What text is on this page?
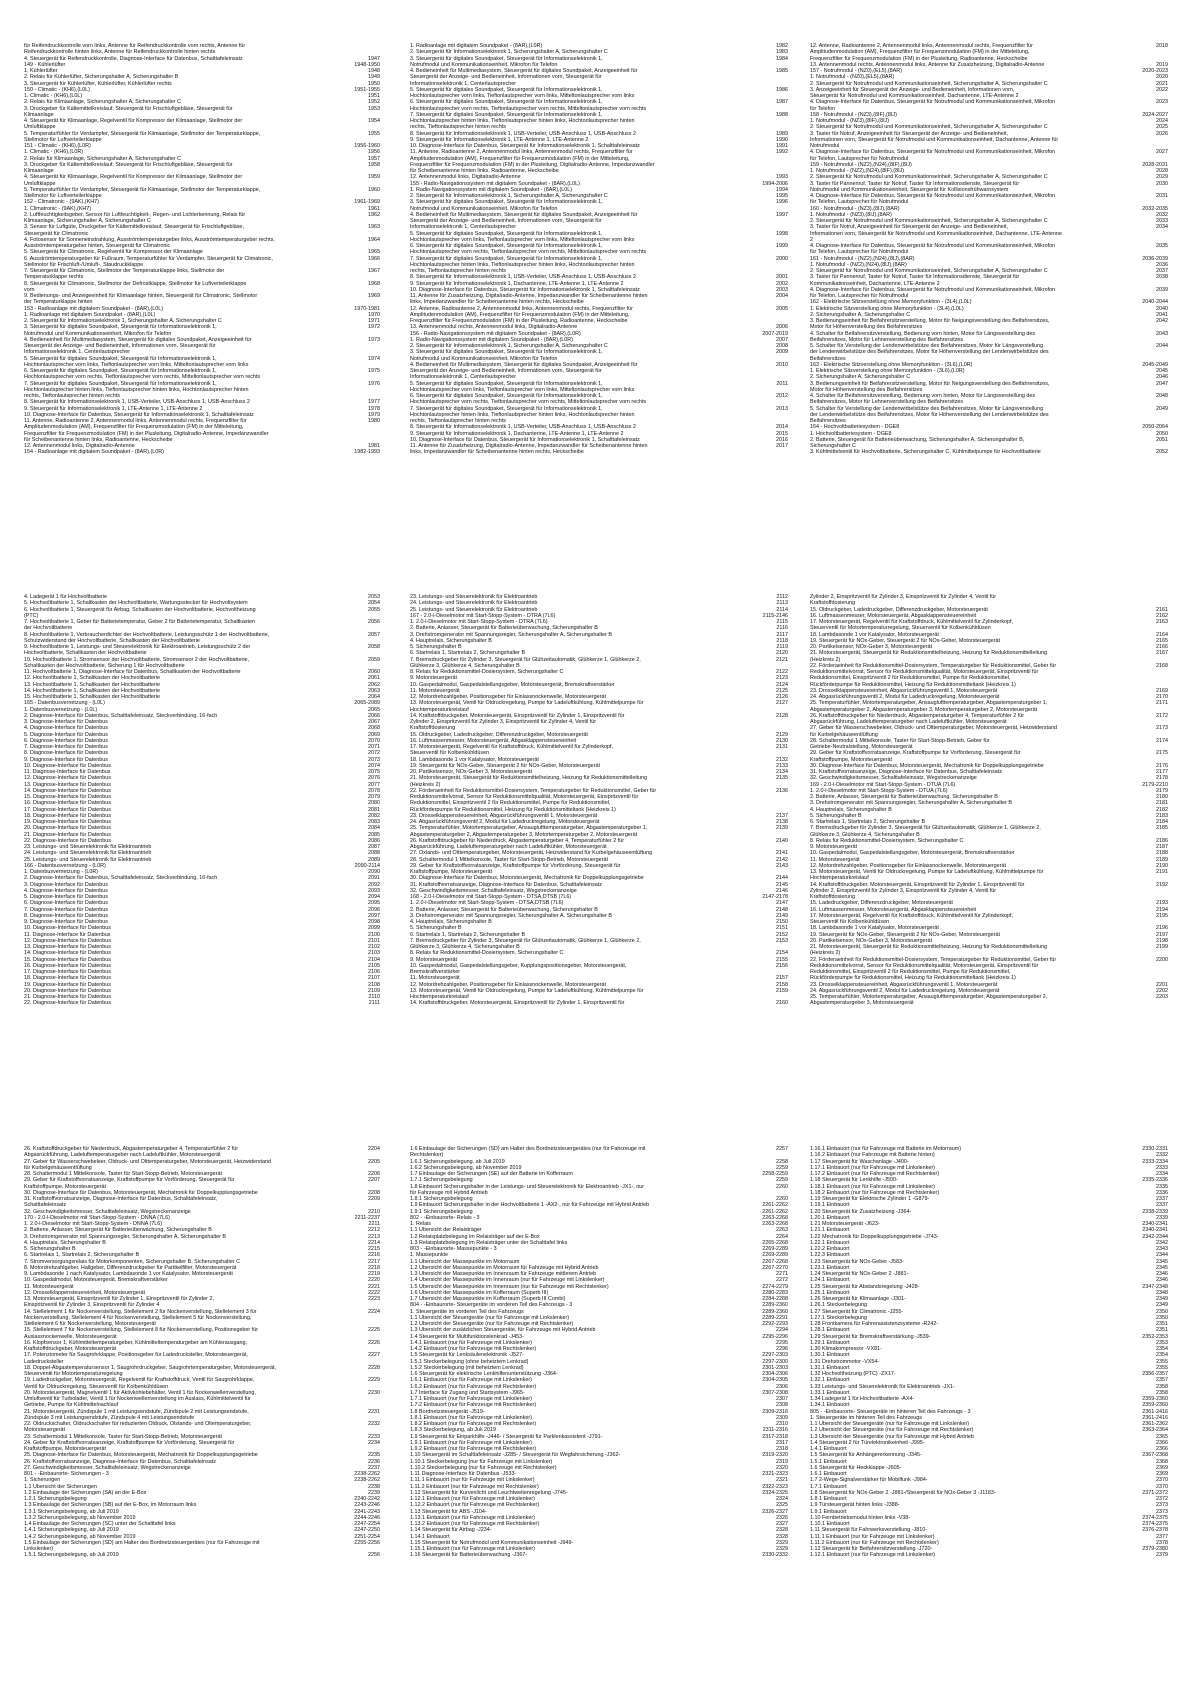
für Reifendruckkontrolle vorn links, Antenne für Reifendruckkontrolle vorn rechts, Antenne für
Reifendruckkontrolle hinten links, Antenne für Reifendruckkontrolle hinten rechts
4. Steuergerät für Reifendruckkontrolle, Diagnose-Interface für Datenbus, Schalttafeleinsatz	1947
149 - Kühlerlüfter	1948-1950
1. Kühlerlüfter	1948
2. Relais für Kühlerlüfter, Sicherungshalter A, Sicherungshalter B	1949
3. Steuergerät für Kühlerlüfter, Kühlerlüfter, Kühlerlüfter rechts	1950
150 - Climatic - (KH6),(L0L)	1951-1955
1. Climatic - (KH6),(L0L)	1951
2. Relais für Klimaanlage, Sicherungshalter A, Sicherungshalter C	1952
3. Druckgeber für Kältemittelkreislauf, Steuergerät für Frischluftgebläse, Steuergerät für	1953
Klimaanlage
4. Steuergerät für Klimaanlage, Regelventil für Kompressor der Klimaanlage, Stellmotor der	1954
Umluftklappe
5. Temperaturfühler für Verdampfer, Steuergerät für Klimaanlage, Stellmotor der Temperaturklappe,	1955
Stellmotor für Luftverteilerklappe
151 - Climatic - (KH6),(L0R)	1956-1960
1. Climatic - (KH6),(L0R)	1956
2. Relais für Klimaanlage, Sicherungshalter A, Sicherungshalter C	1957
3. Druckgeber für Kältemittelkreislauf, Steuergerät für Frischluftgebläse, Steuergerät für	1958
Klimaanlage
4. Steuergerät für Klimaanlage, Regelventil für Kompressor der Klimaanlage, Stellmotor der	1959
Umluftklappe
5. Temperaturfühler für Verdampfer, Steuergerät für Klimaanlage, Stellmotor der Temperaturklappe,	1960
Stellmotor für Luftverteilerklappe
152 - Climatronic - (9AK),(KH7)	1961-1969
1. Climatronic - (9AK),(KH7)	1961
2. Luftfeuchtigkeitsgeber, Sensor für Luftfeuchtigkeit-, Regen- und Lichterkennung, Relais für	1962
Klimaanlage, Sicherungshalter A, Sicherungshalter C
3. Sensor für Luftgüte, Druckgeber für Kältemittelkreislauf, Steuergerät für Frischluftgebläse,	1963
Steuergerät für Climatronic
4. Fotosensor für Sonneneinstrahlung, Ausströmtemperaturgeber links, Ausströmtemperaturgeber rechts,	1964
Ausströmtemperaturgeber hinten, Steuergerät für Climatronic
5. Steuergerät für Climatronic, Regelventil für Kompressor der Klimaanlage	1965
6. Ausströmtemperaturgeber für Fußraum, Temperaturfühler für Verdampfer, Steuergerät für Climatronic,	1966
Stellmotor für Frischluft-/Umluft-, Staudruckklappe
7. Steuergerät für Climatronic, Stellmotor der Temperaturklappe links, Stellmotor der	1967
Temperaturklappe rechts
8. Steuergerät für Climatronic, Stellmotor der Defrostklappe, Stellmotor für Luftverteilerklappe	1968
vorn
9. Bedienungs- und Anzeigeeinheit für Klimaanlage hinten, Steuergerät für Climatronic, Stellmotor	1969
der Temperaturklappe hinten
153 - Radioanlage mit digitalem Soundpaket - (8AR),(L0L)	1970-1981
1. Radioanlage mit digitalem Soundpaket - (8AR),(L0L)	1970
2. Steuergerät für Informationselektronik 1, Sicherungshalter A, Sicherungshalter C	1971
3. Steuergerät für digitales Soundpaket, Steuergerät für Informationselektronik 1,	1972
Notrufmodul und Kommunikationseinheit, Mikrofon für Telefon
4. Bedieneinheit für Multimediasystem, Steuergerät für digitales Soundpaket, Anzeigeeinheit für	1973
Steuergerät der Anzeige- und Bedieneinheit, Informationen vorn, Steuergerät für
Informationselektronik 1, Centerlautsprecher
5. Steuergerät für digitales Soundpaket, Steuergerät für Informationselektronik 1,	1974
Hochtonlautsprecher vorn links, Tieftonlautsprecher vorn links, Mitteltonlautsprecher vorn links
6. Steuergerät für digitales Soundpaket, Steuergerät für Informationselektronik 1,	1975
Hochtonlautsprecher vorn rechts, Tieftonlautsprecher vorn rechts, Mitteltonlautsprecher vorn rechts
7. Steuergerät für digitales Soundpaket, Steuergerät für Informationselektronik 1,	1976
Hochtonlautsprecher hinten links, Tieftonlautsprecher hinten links, Hochtonlautsprecher hinten
rechts, Tieftonlautsprecher hinten rechts
8. Steuergerät für Informationselektronik 1, USB-Verteiler, USB-Anschluss 1, USB-Anschluss 2	1977
9. Steuergerät für Informationselektronik 1, LTE-Antenne 1, LTE-Antenne 2	1978
10. Diagnose-Interface für Datenbus, Steuergerät für Informationselektronik 1, Schalttafeleinsatz	1979
11. Antenne, Radioantenne 2, Antennenmodul links, Antennenmodul rechts, Frequenzfilter für	1980
Amplitudenmodulation (AM), Frequenzfilter für Frequenzmodulation (FM) in der Mitteleitung,
Frequenzfilter für Frequenzmodulation (FM) in der Plusleitung, Digitalradio-Antenne, Impedanzwandler
für Scheibenantenne hinten links, Radioantenne, Heckscheibe
12. Antennenmodul links, Digitalradio-Antenne	1981
154 - Radioanlage mit digitalem Soundpaket - (8AR),(L0R)	1982-1993
1. Radioanlage mit digitalem Soundpaket - (8AR),(L0R)	1982
2. Steuergerät für Informationselektronik 1, Sicherungshalter A, Sicherungshalter C	1983
3. Steuergerät für digitales Soundpaket, Steuergerät für Informationselektronik 1,	1984
Notrufmodul und Kommunikationseinheit, Mikrofon für Telefon
4. Bedieneinheit für Multimediasystem, Steuergerät für digitales Soundpaket, Anzeigeeinheit für	1985
Steuergerät der Anzeige- und Bedieneinheit, Informationen vorn, Steuergerät für
Informationselektronik 1, Centerlautsprecher
5. Steuergerät für digitales Soundpaket, Steuergerät für Informationselektronik 1,	1986
Hochtonlautsprecher vorn links, Tieftonlautsprecher vorn links, Mitteltonlautsprecher vorn links
6. Steuergerät für digitales Soundpaket, Steuergerät für Informationselektronik 1,	1987
Hochtonlautsprecher vorn rechts, Tieftonlautsprecher vorn rechts, Mitteltonlautsprecher vorn rechts
7. Steuergerät für digitales Soundpaket, Steuergerät für Informationselektronik 1,	1988
Hochtonlautsprecher hinten links, Tieftonlautsprecher hinten links, Hochtonlautsprecher hinten
rechts, Tieftonlautsprecher hinten rechts
8. Steuergerät für Informationselektronik 1, USB-Verteiler, USB-Anschluss 1, USB-Anschluss 2	1989
9. Steuergerät für Informationselektronik 1, LTE-Antenne 1, LTE-Antenne 2	1990
10. Diagnose-Interface für Datenbus, Steuergerät für Informationselektronik 1, Schalttafeleinsatz	1991
11. Antenne, Radioantenne 2, Antennenmodul links, Antennenmodul rechts, Frequenzfilter für	1992
Amplitudenmodulation (AM), Frequenzfilter für Frequenzmodulation (FM) in der Mitteleitung,
Frequenzfilter für Frequenzmodulation (FM) in der Plusleitung, Digitalradio-Antenne, Impedanzwandler
für Scheibenantenne hinten links, Radioantenne, Heckscheibe
12. Antennenmodul links, Digitalradio-Antenne	1993
155 - Radio-Navigationssystem mit digitalem Soundpaket - (8AR),(L0L)	1994-2006
1. Radio-Navigationssystem mit digitalem Soundpaket - (8AR),(L0L)	1994
2. Steuergerät für Informationselektronik 1, Sicherungshalter A, Sicherungshalter C	1995
3. Steuergerät für digitales Soundpaket, Steuergerät für Informationselektronik 1,	1996
Notrufmodul und Kommunikationseinheit, Mikrofon für Telefon
4. Bedieneinheit für Multimediasystem, Steuergerät für digitales Soundpaket, Anzeigeeinheit für	1997
Steuergerät der Anzeige- und Bedieneinheit, Informationen vorn, Steuergerät für
Informationselektronik 1, Centerlautsprecher
5. Steuergerät für digitales Soundpaket, Steuergerät für Informationselektronik 1,	1998
Hochtonlautsprecher vorn links, Tieftonlautsprecher vorn links, Mitteltonlautsprecher vorn links
6. Steuergerät für digitales Soundpaket, Steuergerät für Informationselektronik 1,	1999
Hochtonlautsprecher vorn rechts, Tieftonlautsprecher vorn rechts, Mitteltonlautsprecher vorn rechts
7. Steuergerät für digitales Soundpaket, Steuergerät für Informationselektronik 1,	2000
Hochtonlautsprecher hinten links, Tieftonlautsprecher hinten links, Hochtonlautsprecher hinten
rechts, Tieftonlautsprecher hinten rechts
8. Steuergerät für Informationselektronik 1, USB-Verteiler, USB-Anschluss 1, USB-Anschluss 2	2001
9. Steuergerät für Informationselektronik 1, Dachantenne, LTE-Antenne 1, LTE-Antenne 2	2002
10. Diagnose-Interface für Datenbus, Steuergerät für Informationselektronik 1, Schalttafeleinsatz	2003
11. Antenne für Zusatzheizung, Digitalradio-Antenne, Impedanzwandler für Scheibenantenne hinten	2004
links, Impedanzwandler für Scheibenantenne hinten rechts, Heckscheibe
12. Antenne, Radioantenne 2, Antennenmodul links, Antennenmodul rechts, Frequenzfilter für	2005
Amplitudenmodulation (AM), Frequenzfilter für Frequenzmodulation (FM) in der Mitteleitung,
Frequenzfilter für Frequenzmodulation (FM) in der Plusleitung, Radioantenne, Heckscheibe
13. Antennenmodul rechts, Antennenmodul links, Digitalradio-Antenne	2006
156 - Radio-Navigationssystem mit digitalem Soundpaket - (8AR),(L0R)	2007-2019
1. Radio-Navigationssystem mit digitalem Soundpaket - (8AR),(L0R)	2007
2. Steuergerät für Informationselektronik 1, Sicherungshalter A, Sicherungshalter C	2008
3. Steuergerät für digitales Soundpaket, Steuergerät für Informationselektronik 1,	2009
Notrufmodul und Kommunikationseinheit, Mikrofon für Telefon
4. Bedieneinheit für Multimediasystem, Steuergerät für digitales Soundpaket, Anzeigeeinheit für	2010
Steuergerät der Anzeige- und Bedieneinheit, Informationen vorn, Steuergerät für
Informationselektronik 1, Centerlautsprecher
5. Steuergerät für digitales Soundpaket, Steuergerät für Informationselektronik 1,	2011
Hochtonlautsprecher vorn links, Tieftonlautsprecher vorn links, Mitteltonlautsprecher vorn links
6. Steuergerät für digitales Soundpaket, Steuergerät für Informationselektronik 1,	2012
Hochtonlautsprecher vorn rechts, Tieftonlautsprecher vorn rechts, Mitteltonlautsprecher vorn rechts
7. Steuergerät für digitales Soundpaket, Steuergerät für Informationselektronik 1,	2013
Hochtonlautsprecher hinten links, Tieftonlautsprecher hinten links, Hochtonlautsprecher hinten
rechts, Tieftonlautsprecher hinten rechts
8. Steuergerät für Informationselektronik 1, USB-Verteiler, USB-Anschluss 1, USB-Anschluss 2	2014
9. Steuergerät für Informationselektronik 1, Dachantenne, LTE-Antenne 1, LTE-Antenne 2	2015
10. Diagnose-Interface für Datenbus, Steuergerät für Informationselektronik 1, Schalttafeleinsatz	2016
11. Antenne für Zusatzheizung, Digitalradio-Antenne, Impedanzwandler für Scheibenantenne hinten	2017
links, Impedanzwandler für Scheibenantenne hinten rechts, Heckscheibe
12. Antenne, Radioantenne 2, Antennenmodul links, Antennenmodul rechts, Frequenzfilter für	2018
Amplitudenmodulation (AM), Frequenzfilter für Frequenzmodulation (FM) in der Mitteleitung,
Frequenzfilter für Frequenzmodulation (FM) in der Plusleitung, Radioantenne, Heckscheibe
13. Antennenmodul rechts, Antennenmodul links, Antenne für Zusatzheizung, Digitalradio-Antenne	2019
157 - Notrufmodul - (NZ0),(EL5),(8AR)	2020-2023
1. Notrufmodul - (NZ0),(EL5),(8AR)	2020
2. Steuergerät für Notrufmodul und Kommunikationseinheit, Sicherungshalter A, Sicherungshalter C	2021
3. Anzeigeeinheit für Steuergerät der Anzeige- und Bedieneinheit, Informationen vorn,	2022
Steuergerät für Notrufmodul und Kommunikationseinheit, Dachantenne, LTE-Antenne 2
4. Diagnose-Interface für Datenbus, Steuergerät für Notrufmodul und Kommunikationseinheit, Mikrofon	2023
für Telefon
158 - Notrufmodul - (NZ3),(8IF),(8IJ)	2024-2027
1. Notrufmodul - (NZ3),(8IF),(8IJ)	2024
2. Steuergerät für Notrufmodul und Kommunikationseinheit, Sicherungshalter A, Sicherungshalter C	2025
3. Taster für Notruf, Anzeigeeinheit für Steuergerät der Anzeige- und Bedieneinheit,	2026
Informationen vorn, Steuergerät für Notrufmodul und Kommunikationseinheit, Dachantenne, Antenne für
Notrufmodul
4. Diagnose-Interface für Datenbus, Steuergerät für Notrufmodul und Kommunikationseinheit, Mikrofon	2027
für Telefon, Lautsprecher für Notrufmodul
159 - Notrufmodul - (NZ2),(N24),(8IF),(8IJ)	2028-2031
1. Notrufmodul - (NZ2),(N24),(8IF),(8IJ)	2028
2. Steuergerät für Notrufmodul und Kommunikationseinheit, Sicherungshalter A, Sicherungshalter C	2029
3. Taster für Pannenruf, Taster für Notruf, Taster für Informationsdienste, Steuergerät für	2030
Notrufmodul und Kommunikationseinheit, Steuergerät für Kollisionsfrühwarnsystem
4. Diagnose-Interface für Datenbus, Steuergerät für Notrufmodul und Kommunikationseinheit, Mikrofon	2031
für Telefon, Lautsprecher für Notrufmodul
160 - Notrufmodul - (NZ3),(8IJ),(8AR)	2032-2035
1. Notrufmodul - (NZ3),(8IJ),(8AR)	2032
2. Steuergerät für Notrufmodul und Kommunikationseinheit, Sicherungshalter A, Sicherungshalter C	2033
3. Taster für Notruf, Anzeigeeinheit für Steuergerät der Anzeige- und Bedieneinheit,	2034
Informationen vorn, Steuergerät für Notrufmodul und Kommunikationseinheit, Dachantenne, LTE-Antenne
2
4. Diagnose-Interface für Datenbus, Steuergerät für Notrufmodul und Kommunikationseinheit, Mikrofon	2035
für Telefon, Lautsprecher für Notrufmodul
161 - Notrufmodul - (NZ2),(N24),(8IJ),(8AR)	2036-2039
1. Notrufmodul - (NZ2),(N24),(8IJ),(8AR)	2036
2. Steuergerät für Notrufmodul und Kommunikationseinheit, Sicherungshalter A, Sicherungshalter C	2037
3. Taster für Pannenruf, Taster für Notruf, Taster für Informationsdienste, Steuergerät für	2038
Kommunikationseinheit, Dachantenne, LTE-Antenne 2
4. Diagnose-Interface für Datenbus, Steuergerät für Notrufmodul und Kommunikationseinheit, Mikrofon	2039
für Telefon, Lautsprecher für Notrufmodul
162 - Elektrische Sitzverstellung ohne Memoryfunktion - (3L4),(L0L)	2040-2044
1. Elektrische Sitzverstellung ohne Memoryfunktion - (3L4),(L0L)	2040
2. Sicherungshalter A, Sicherungshalter C	2041
3. Bedienungseinheit für Beifahrersitzverstellung, Motor für Neigungsverstellung des Beifahrersitzes,	2042
Motor für Höhenverstellung des Beifahrersitzes
4. Schalter für Beifahrersitzverstellung, Bedienung vorn hinten, Motor für Längsverstellung des	2043
Beifahrersitzes, Motor für Lehnenverstellung des Beifahrersitzes
5. Schalter für Verstellung der Lendenwirbelstütze des Beifahrersitzes, Motor für Längsverstellung	2044
der Lendenwirbelstütze des Beifahrersitzes, Motor für Höhenverstellung der Lendenwirbelstütze des
Beifahrersitzes
163 - Elektrische Sitzverstellung ohne Memoryfunktion - (3L6),(L0R)	2045-2049
1. Elektrische Sitzverstellung ohne Memoryfunktion - (3L6),(L0R)	2045
2. Sicherungshalter A, Sicherungshalter C	2046
3. Bedienungseinheit für Beifahrersitzverstellung, Motor für Neigungsverstellung des Beifahrersitzes,	2047
Motor für Höhenverstellung des Beifahrersitzes
4. Schalter für Beifahrersitzverstellung, Bedienung vorn hinten, Motor für Längsverstellung des	2048
Beifahrersitzes, Motor für Lehnenverstellung des Beifahrersitzes
5. Schalter für Verstellung der Lendenwirbelstütze des Beifahrersitzes, Motor für Längsverstellung	2049
der Lendenwirbelstütze des Beifahrersitzes, Motor für Höhenverstellung der Lendenwirbelstütze des
Beifahrersitzes
164 - Hochvoltbatteriesystem - DGE8	2050-2064
1. Hochvoltbatteriesystem - DGE8	2050
2. Batterie, Steuergerät für Batterieüberwachung, Sicherungshalter A, Sicherungshalter B,	2051
Sicherungshalter C
3. Kühlmittelventil für Hochvoltbatterie, Sicherungshalter C, Kühlmittelpumpe für Hochvoltbatterie	2052
4. Ladegerät 1 für Hochvoltbatterie	2053
5. Hochvoltbatterie 1, Schaltkasten der Hochvoltbatterie, Wartungsstecker für Hochvoltsystem	2054
6. Hochvoltbatterie 1, Steuergerät für Airbag, Schaltkasten der Hochvoltbatterie, Hochvoltheizung	2055
(PTC)
7. Hochvoltbatterie 1, Geber für Batterietemperatur, Geber 2 für Batterietemperatur, Schaltkasten	2056
der Hochvoltbatterie
8. Hochvoltbatterie 1, Verbraucherdichter der Hochvoltbatterie, Leistungsschütz 1 der Hochvoltbatterie,	2057
Schutzwiderstand der Hochvoltbatterie, Schaltkasten der Hochvoltbatterie
9. Hochvoltbatterie 1, Leistungs- und Steuerelektronik für Elektroantrieb, Leistungsschütz 2 der	2058
Hochvoltbatterie, Schaltkasten der Hochvoltbatterie
10. Hochvoltbatterie 1, Stromsensor der Hochvoltbatterie, Stromsensor 2 der Hochvoltbatterie,	2059
Schaltkasten der Hochvoltbatterie, Sicherung 1 für Hochvoltbatterie
11. Hochvoltbatterie 1, Diagnose-Interface für Datenbus, Schaltkasten der Hochvoltbatterie	2060
12. Hochvoltbatterie 1, Schaltkasten der Hochvoltbatterie	2061
13. Hochvoltbatterie 1, Schaltkasten der Hochvoltbatterie	2062
14. Hochvoltbatterie 1, Schaltkasten der Hochvoltbatterie	2063
15. Hochvoltbatterie 1, Schaltkasten der Hochvoltbatterie	2064
165 - Datenbusvernetzung - (L0L)	2065-2089
1. Datenbusvernetzung - (L0L)	2065
2. Diagnose-Interface für Datenbus, Schalttafeleinsatz, Steckverbindung, 16-fach	2066
3. Diagnose-Interface für Datenbus	2067
4. Diagnose-Interface für Datenbus	2068
5. Diagnose-Interface für Datenbus	2069
6. Diagnose-Interface für Datenbus	2070
7. Diagnose-Interface für Datenbus	2071
8. Diagnose-Interface für Datenbus	2072
9. Diagnose-Interface für Datenbus	2073
10. Diagnose-Interface für Datenbus	2074
11. Diagnose-Interface für Datenbus	2075
12. Diagnose-Interface für Datenbus	2076
13. Diagnose-Interface für Datenbus	2077
14. Diagnose-Interface für Datenbus	2078
15. Diagnose-Interface für Datenbus	2079
16. Diagnose-Interface für Datenbus	2080
17. Diagnose-Interface für Datenbus	2081
18. Diagnose-Interface für Datenbus	2082
19. Diagnose-Interface für Datenbus	2083
20. Diagnose-Interface für Datenbus	2084
21. Diagnose-Interface für Datenbus	2085
22. Diagnose-Interface für Datenbus	2086
23. Leistungs- und Steuerelektronik für Elektroantrieb	2087
24. Leistungs- und Steuerelektronik für Elektroantrieb	2088
25. Leistungs- und Steuerelektronik für Elektroantrieb	2089
166 - Datenbusvernetzung - (L0R)	2090-2114
1. Datenbusvernetzung - (L0R)	2090
2. Diagnose-Interface für Datenbus, Schalttafeleinsatz, Steckverbindung, 16-fach	2091
3. Diagnose-Interface für Datenbus	2092
4. Diagnose-Interface für Datenbus	2093
5. Diagnose-Interface für Datenbus	2094
6. Diagnose-Interface für Datenbus	2095
7. Diagnose-Interface für Datenbus	2096
8. Diagnose-Interface für Datenbus	2097
9. Diagnose-Interface für Datenbus	2098
10. Diagnose-Interface für Datenbus	2099
11. Diagnose-Interface für Datenbus	2100
12. Diagnose-Interface für Datenbus	2101
13. Diagnose-Interface für Datenbus	2102
14. Diagnose-Interface für Datenbus	2103
15. Diagnose-Interface für Datenbus	2104
16. Diagnose-Interface für Datenbus	2105
17. Diagnose-Interface für Datenbus	2106
18. Diagnose-Interface für Datenbus	2107
19. Diagnose-Interface für Datenbus	2108
20. Diagnose-Interface für Datenbus	2109
21. Diagnose-Interface für Datenbus	2110
22. Diagnose-Interface für Datenbus	2111
23. Leistungs- und Steuerelektronik für Elektroantrieb	2112
24. Leistungs- und Steuerelektronik für Elektroantrieb	2113
25. Leistungs- und Steuerelektronik für Elektroantrieb	2114
167 - 2.0-l-Dieselmotor mit Start-Stopp-System - DTRA (7L6)	2115-2146
1. 2.0-l-Dieselmotor mit Start-Stopp-System - DTRA (7L6)	2115
2. Batterie, Anlasser, Steuergerät für Batterieüberwachung, Sicherungshalter B	2116
3. Drehstromgenerator mit Spannungsregler, Sicherungshalter A, Sicherungshalter B	2117
4. Hauptrelais, Sicherungshalter B	2118
5. Sicherungshalter B	2119
6. Startrelais 1, Startrelais 2, Sicherungshalter B	2120
7. Bremsdruckgeber für Zylinder 3, Steuergerät für Glühzeitautomatik, Glühkerze 1, Glühkerze 2,	2121
Glühkerze 3, Glühkerze 4, Sicherungshalter B
8. Relais für Reduktionsmittel-Dosiersystem, Sicherungshalter C	2122
9. Motorsteuergerät	2123
10. Gaspedalmodul, Gaspedalstellungsgeber, Motorsteuergerät, Bremskraftverstärker	2124
11. Motorsteuergerät	2125
12. Motordrehzahlgeber, Positionsgeber für Einlassnockenwelle, Motorsteuergerät	2126
13. Motorsteuergerät, Ventil für Öldruckregelung, Pumpe für Ladeluftkühlung, Kühlmittelpumpe für	2127
Hochtemperaturkreislauf
14. Kraftstoffdruckgeber, Motorsteuergerät, Einspritzventil für Zylinder 1, Einspritzventil für	2128
Zylinder 2, Einspritzventil für Zylinder 3, Einspritzventil für Zylinder 4, Ventil für
Kraftstoffdosierung
15. Öldruckgeber, Ladedruckgeber, Differenzdruckgeber, Motorsteuergerät	2129
16. Luftmassenmesser, Motorsteuergerät, Abgasklappensteuereinheit	2130
17. Motorsteuergerät, Regelventil für Kraftstoffdruck, Kühlmittelventil für Zylinderkopf,	2131
Steuerventil für Kolbenkühldüsen
18. Lambdasonde 1 vor Katalysator, Motorsteuergerät	2132
19. Steuergerät für NOx-Geber, Steuergerät 2 für NOx-Geber, Motorsteuergerät	2133
20. Partikelsensor, NOx-Geber 3, Motorsteuergerät	2134
21. Motorsteuergerät, Steuergerät für Reduktionsmittelheizung, Heizung für Reduktionsmittelleitung	2135
(Heizkreis 2)
22. Förderaeinheit für Reduktionsmittel-Dosiersystem, Temperaturgeber für Reduktionsmittel, Geber für	2136
Reduktionsmittelvorrat, Sensor für Reduktionsmittelqualität, Motorsteuergerät, Einspritzventil für
Reduktionsmittel, Einspritzventil 2 für Reduktionsmittel, Pumpe für Reduktionsmittel,
Rückförderpumpe für Reduktionsmittel, Heizung für Reduktionsmitteltank (Heizkreis 1)
23. Drosselklappensteuereinheit, Abgasrückführungsventil 1, Motorsteuergerät	2137
24. Abgasrückführungsventil 2, Modul für Ladedruckregelung, Motorsteuergerät	2138
25. Temperaturfühler, Motortemperaturgeber, Ansauglufttemperaturgeber, Abgastemperaturgeber 1,	2139
Abgastemperaturgeber 2, Abgastemperaturgeber 3, Motortemperaturgeber 2, Motorsteuergerät
26. Kraftstoffdruckgeber für Niederdruck, Abgastemperaturgeber 4, Temperaturfühler 2 für	2140
Abgasrückführung, Ladeluftemperaturgeber nach Ladeluftkühler, Motorsteuergerät
27. Oxlands- und Ölttemperaturgeber, Motorsteuergerät, Heizwiderstand für Kurbelgehäuseentlüftung	2141
28. Schaltermodul 1 Mittelkonsole, Taster für Start-Stopp-Betrieb, Motorsteuergerät	2142
29. Geber für Kraftstoffvorratsanzeige, Kraftstoffpumpe für Vorförderung, Steuergerät für	2143
Kraftstoffpumpe, Motorsteuergerät
30. Diagnose-Interface für Datenbus, Motorsteuergerät, Mechatronik für Doppelkupplungsgetriebe	2144
31. Kraftstoffvorratsanzeige, Diagnose-Interface für Datenbus, Schalttafeleinsatz	2145
32. Geschwindigkeitsmesser, Schalttafeleinsatz, Wegstreckenanzeige	2146
168 - 2.0-l-Dieselmotor mit Start-Stopp-System - DTSA,DTSB (7L6)	2147-2178
1. 2.0-l-Dieselmotor mit Start-Stopp-System - DTSA,DTSB (7L6)	2147
2. Batterie, Anlasser, Steuergerät für Batterieüberwachung, Sicherungshalter B	2148
3. Drehstromgenerator mit Spannungsregler, Sicherungshalter A, Sicherungshalter B	2149
4. Hauptrelais, Sicherungshalter B	2150
5. Sicherungshalter B	2151
6. Startrelais 1, Startrelais 2, Sicherungshalter B	2152
7. Bremsdruckgeber für Zylinder 3, Steuergerät für Glühzeitautomatik, Glühkerze 1, Glühkerze 2,	2153
Glühkerze 3, Glühkerze 4, Sicherungshalter B
8. Relais für Reduktionsmittel-Dosiersystem, Sicherungshalter C	2154
9. Motorsteuergerät	2155
10. Gaspedalmodul, Gaspedalstellungsgeber, Kupplungspositionsgeber, Motorsteuergerät,	2156
Bremskraftverstärker
11. Motorsteuergerät	2157
12. Motordrehzahlgeber, Positionsgeber für Einlassnockenwelle, Motorsteuergerät	2158
13. Motorsteuergerät, Ventil für Öldruckregelung, Pumpe für Ladeluftkühlung, Kühlmittelpumpe für	2159
Hochtemperaturkreislauf
14. Kraftstoffdruckgeber, Motorsteuergerät, Einspritzventil für Zylinder 1, Einspritzventil für	2160
Zylinder 2, Einspritzventil für Zylinder 3, Einspritzventil für Zylinder 4, Ventil für
Kraftstoffdosierung
15. Öldruckgeber, Ladedruckgeber, Differenzdruckgeber, Motorsteuergerät	2161
16. Luftmassenmesser, Motorsteuergerät, Abgasklappensteuereinheit	2162
17. Motorsteuergerät, Regelventil für Kraftstoffdruck, Kühlmittelventil für Zylinderkopf,	2163
Steuerventil für Motortemperaturregelung, Steuerventil für Kolbenkühldüsen
18. Lambdasonde 1 vor Katalysator, Motorsteuergerät	2164
19. Steuergerät für NOx-Geber, Steuergerät 2 für NOx-Geber, Motorsteuergerät	2165
20. Partikelsensor, NOx-Geber 3, Motorsteuergerät	2166
21. Motorsteuergerät, Steuergerät für Reduktionsmittelheizung, Heizung für Reduktionsmittelleitung	2167
(Heizkreis 2)
22. Förderaeinheit für Reduktionsmittel-Dosiersystem, Temperaturgeber für Reduktionsmittel, Geber für	2168
Reduktionsmittelvorrat, Sensor für Reduktionsmittelqualität, Motorsteuergerät, Einspritzventil für
Reduktionsmittel, Einspritzventil 2 für Reduktionsmittel, Pumpe für Reduktionsmittel,
Rückförderpumpe für Reduktionsmittel, Heizung für Reduktionsmitteltank (Heizkreis 1)
23. Drosselklappensteuereinheit, Abgasrückführungsventil 1, Motorsteuergerät	2169
24. Abgasrückführungsventil 2, Modul für Ladedruckregelung, Motorsteuergerät	2170
25. Temperaturfühler, Motortemperaturgeber, Ansauglufttemperaturgeber, Abgastemperaturgeber 1,	2171
Abgastemperaturgeber 2, Abgastemperaturgeber 3, Motortemperaturgeber 2, Motorsteuergerät
26. Kraftstoffdruckgeber für Niederdruck, Abgastemperaturgeber 4, Temperaturfühler 2 für	2172
Abgasrückführung, Ladeluftemperaturgeber nach Ladeluftkühler, Motorsteuergerät
27. Geber für Wasserschwebeleer, Öldruck- und Ölttemperaturgeber, Motorsteuergerät, Heizwiderstand	2173
für Kurbelgehäuseentlüftung
28. Schaltermodul 1 Mittelkonsole, Taster für Start-Stopp-Betrieb, Geber für	2174
Getriebe-Neutralstellung, Motorsteuergerät
29. Geber für Kraftstoffvorratsanzeige, Kraftstoffpumpe für Vorförderung, Steuergerät für	2175
Kraftstoffpumpe, Motorsteuergerät
30. Diagnose-Interface für Datenbus, Motorsteuergerät, Mechatronik für Doppelkupplungsgetriebe	2176
31. Kraftstoffvorratsanzeige, Diagnose-Interface für Datenbus, Schalttafeleinsatz	2177
32. Geschwindigkeitsmesser, Schalttafeleinsatz, Wegstreckenanzeige	2178
169 - 2.0-l-Dieselmotor mit Start-Stopp-System - DTUA (7L6)	2179-2210
1. 2.0-l-Dieselmotor mit Start-Stopp-System - DTUA (7L6)	2179
2. Batterie, Anlasser, Steuergerät für Batterieüberwachung, Sicherungshalter B	2180
3. Drehstromgenerator mit Spannungsregler, Sicherungshalter A, Sicherungshalter B	2181
4. Hauptrelais, Sicherungshalter B	2182
5. Sicherungshalter B	2183
6. Startrelais 1, Startrelais 2, Sicherungshalter B	2184
7. Bremsdruckgeber für Zylinder 3, Steuergerät für Glühzeitautomatik, Glühkerze 1, Glühkerze 2,	2185
Glühkerze 3, Glühkerze 4, Sicherungshalter B
8. Relais für Reduktionsmittel-Dosiersystem, Sicherungshalter C	2186
9. Motorsteuergerät	2187
10. Gaspedalmodul, Gaspedalstellungsgeber, Motorsteuergerät, Bremskraftverstärker	2188
11. Motorsteuergerät	2189
12. Motordrehzahlgeber, Positionsgeber für Einlassnockenwelle, Motorsteuergerät	2190
13. Motorsteuergerät, Ventil für Öldruckregelung, Pumpe für Ladeluftkühlung, Kühlmittelpumpe für	2191
Hochtemperaturkreislauf
14. Kraftstoffdruckgeber, Motorsteuergerät, Einspritzventil für Zylinder 1, Einspritzventil für	2192
Zylinder 2, Einspritzventil für Zylinder 3, Einspritzventil für Zylinder 4, Ventil für
Kraftstoffdosierung
15. Ladedruckgeber, Differenzdruckgeber, Motorsteuergerät	2193
16. Luftmassenmesser, Motorsteuergerät, Abgasklappensteuereinheit	2194
17. Motorsteuergerät, Regelventil für Kraftstoffdruck, Kühlmittelventil für Zylinderkopf,	2195
Steuerventil für Kolbenkühldüsen
18. Lambdasonde 1 vor Katalysator, Motorsteuergerät	2196
19. Steuergerät für NOx-Geber, Steuergerät 2 für NOx-Geber, Motorsteuergerät	2197
20. Partikelsensor, NOx-Geber 3, Motorsteuergerät	2198
21. Motorsteuergerät, Steuergerät für Reduktionsmittelheizung, Heizung für Reduktionsmittelleitung	2199
(Heizkreis 2)
22. Förderaeinheit für Reduktionsmittel-Dosiersystem, Temperaturgeber für Reduktionsmittel, Geber für	2200
Reduktionsmittelvorrat, Sensor für Reduktionsmittelqualität, Motorsteuergerät, Einspritzventil für
Reduktionsmittel, Einspritzventil 2 für Reduktionsmittel, Pumpe für Reduktionsmittel,
Rückförderpumpe für Reduktionsmittel, Heizung für Reduktionsmitteltank (Heizkreis 1)
23. Drosselklappensteuereinheit, Abgasrückführungsventil 1, Motorsteuergerät	2201
24. Abgasrückführungsventil 2, Modul für Ladedruckregelung, Motorsteuergerät	2202
25. Temperaturfühler, Motortemperaturgeber, Ansauglufttemperaturgeber, Abgastemperaturgeber 2,	2203
Abgastemperaturgeber 3, Motorsteuergerät
26. Kraftstoffdruckgeber für Niederdruck, Abgastemperaturgeber 4, Temperaturfühler 2 für	2204
Abgasrückführung, Ladeluftemperaturgeber nach Ladeluftkühler, Motorsteuergerät
27. Geber für Wasserschwebeleer, Öldruck- und Ölttemperaturgeber, Motorsteuergerät, Heizwiderstand	2205
für Kurbelgehäuseentlüftung
28. Schaltermodul 1 Mittelkonsole, Taster für Start-Stopp-Betrieb, Motorsteuergerät	2206
29. Geber für Kraftstoffvorratsanzeige, Kraftstoffpumpe für Vorförderung, Steuergerät für	2207
Kraftstoffpumpe, Motorsteuergerät
30. Diagnose-Interface für Datenbus, Motorsteuergerät, Mechatronik für Doppelkupplungsgetriebe	2208
31. Kraftstoffvorratsanzeige, Diagnose-Interface für Datenbus, Schalttafeleinsatz,	2209
Schalttafeleinsatz
32. Geschwindigkeitsmesser, Schalttafeleinsatz, Wegstreckenanzeige	2210
170 - 2.0-l-Dieselmotor mit Start-Stopp-System - DNNA (7L6)	2211-2237
1. 2.0-l-Dieselmotor mit Start-Stopp-System - DNNA (7L6)	2211
2. Batterie, Anlasser, Steuergerät für Batterieüberwachung, Sicherungshalter B	2212
3. Drehstromgenerator mit Spannungsregler, Sicherungshalter A, Sicherungshalter B	2213
4. Hauptrelais, Sicherungshalter B	2214
5. Sicherungshalter B	2215
6. Startrelais 1, Startrelais 2, Sicherungshalter B	2216
7. Stromversorgungsrelais für Motorkomponenten, Sicherungshalter B, Sicherungshalter C	2217
8. Motordrehzahlgeber, Hallgeber, Differenzdruckgeber für Partikelfilter, Motorsteuergerät	2218
9. Lambdasonde 1 nach Katalysator, Lambdasonde 1 vor Katalysator, Motorsteuergerät	2219
10. Gaspedalmodul, Motorsteuergerät, Bremskraftverstärker	2220
11. Motorsteuergerät	2221
12. Drosselklappensteuereinheit, Motorsteuergerät	2222
13. Motorsteuergerät, Einspritzventil für Zylinder 1, Einspritzventil für Zylinder 2,	2223
Einspritzventil für Zylinder 3, Einspritzventil für Zylinder 4
14. Stellelement 1 für Nockenverstellung, Stellelement 2 für Nockenverstellung, Stellelement 3 für	2224
Nockenverstellung, Stellelement 4 für Nockenverstellung, Stellelement 5 für Nockenverstellung,
Stellelement 6 für Nockenverstellung, Motorsteuergerät
15. Stellelement 7 für Nockenverstellung, Stellelement 8 für Nockenverstellung, Positionsgeber für	2225
Auslassnockenwelle, Motorsteuergerät
16. Klopfsensor 1, Kühlmitteltemperaturgeber, Kühlmitteltemperaturgeber am Kühlerausgang,	2226
Kraftstoffdruckgeber, Motorsteuergerät
17. Potenziometer für Saugrohrklappe, Positionsgeber für Ladedrucksteller, Motorsteuergerät,	2227
Ladedrucksteller
18. Doppel-Abgastemperatursensor 1, Saugrohrdruckgeber, Saugrohrtemperaturgeber, Motorsteuergerät,	2228
Steuerventil für Motortemperaturregelung
19. Ladedruckgeber, Motorsteuergerät, Regelventil für Kraftstoffdruck, Ventil für Saugrohrklappe,	2229
Ventil für Öldruckregelung, Steuerventil für Kolbenkühldüsen
20. Motorsteuergerät, Magnetventil 1 für Aktivkohlebehälter, Ventil 1 für Nockenwellenverstellung,	2230
Umluftventil für Turbolader, Ventil 1 für Nockenwellenverstellung im Auslass, Kühlmittelventil für
Getriebe, Pumpe für Kühlmittelnachlauf
21. Motorsteuergerät, Zündspule 1 mit Leistungsendstufe, Zündspule 2 mit Leistungsendstufe,	2231
Zündspule 3 mit Leistungsendstufe, Zündspule 4 mit Leistungsendstufe
22. Öldruckschalter, Öldruckschalter für reduzierten Öldruck, Ölstands- und Öltemperaturgeber,	2232
Motorsteuergerät
23. Schaltermodul 1 Mittelkonsole, Taster für Start-Stopp-Betrieb, Motorsteuergerät	2233
24. Geber für Kraftstoffvorratsanzeige, Kraftstoffpumpe für Vorförderung, Steuergerät für	2234
Kraftstoffpumpe, Motorsteuergerät
25. Diagnose-Interface für Datenbus, Motorsteuergerät, Mechatronik für Doppelkupplungsgetriebe	2235
26. Kraftstoffvorratsanzeige, Diagnose-Interface für Datenbus, Schalttafeleinsatz	2236
27. Geschwindigkeitsmesser, Schalttafeleinsatz, Wegstreckenanzeige	2237
801 - -Einbaurorte- Sicherungen - 3	2238-2262
1. Sicherungen	2238-2262
1.1 Übersicht der Sicherungen	2238
1.2 Einbaulage der Sicherungen (SA) an der E-Box	2239
1.2.1 Sicherungsbelegung	2240-2242
1.3 Einbaulage der Sicherungen (SB) auf der E-Box, im Motorraum links	2243-2246
1.3.1 Sicherungsbelegung, ab Juli 2019	2241-2243
1.3.2 Sicherungsbelegung, ab November 2019	2244-2246
1.4 Einbaulage der Sicherungen (SC) unter der Schalttafel links	2247-2254
1.4.1 Sicherungsbelegung, ab Juli 2019	2247-2250
1.4.2 Sicherungsbelegung, ab November 2019	2251-2254
1.5 Einbaulage der Sicherungen (SD) am Halter des Bordnetzsteuergerätes (nur für Fahrzeuge mit	2255-2256
Linkslenker)
1.5.1 Sicherungsbelegung, ab Juli 2019	2256
1.6 Einbaulage der Sicherungen (SD) am Halter des Bordnetzsteuergerätes (nur für Fahrzeuge mit	2257
Rechtslenker)
1.6.1 Sicherungsbelegung, ab Juli 2019	2258
1.6.2 Sicherungsbelegung, ab November 2019	2259
1.7 Einbaulage der Sicherungen (SE) auf der Batterie im Kofferraum	2258-2259
1.7.1 Sicherungsbelegung	2259
1.8 Einbauort Sicherungshalter in der Leistungs- und Steuerelektronik für Elektroantrieb -JX1-, nur	2260
für Fahrzeuge mit Hybrid Antrieb
1.8.1 Sicherungsbelegung	2260
1.9 Einbauort Sicherungshalter in der Hochvoltbatterie 1 -AX2-, nur für Fahrzeuge mit Hybrid Antrieb	2261-2262
1.9.1 Sicherungsbelegung	2261-2262
802 - -Einbaurorte- Relais - 3	2263-2268
1. Relais	2263-2268
1.1 Übersicht der Relaisträger	2263
1.2 Relaisplatzbelegung im Relaisträger auf der E-Box	2264
1.3 Relaisplatzbelegung im Relaisträger unter der Schalttafel links	2265-2268
803 - -Einbaurorte- Massepunkte - 3	2269-2289
1. Massepunkte	2269-2289
1.1 Übersicht der Massepunkte im Motorraum	2267-2268
1.2 Übersicht der Massepunkte im Motorraum für Fahrzeuge mit Hybrid Antrieb	2267-2270
1.3 Übersicht der Massepunkte im Innenraum für Fahrzeuge mittlerem Antrieb	2271
1.4 Übersicht der Massepunkte im Innenraum (nur für Fahrzeuge mit Linkslenker)	2272
1.5 Übersicht der Massepunkte im Innenraum (nur für Fahrzeuge mit Rechtslenker)	2274-2279
1.6 Übersicht der Massepunkte im Kofferraum (Superb III)	2280-2283
1.7 Übersicht der Massepunkte im Kofferraum (Superb III Combi)	2284-2288
804 - -Einbaurorte- Steuergeräte im vorderen Teil des Fahrzeugs - 3	2289-2360
1. Steuergeräte im vorderen Teil des Fahrzeugs	2289-2360
1.1 Übersicht der Steuergeräte (nur für Fahrzeuge mit Linkslenker)	2289-2291
1.2 Übersicht der Steuergeräte (nur für Fahrzeuge mit Rechtslenker)	2292-2293
1.3 Übersicht der zusätzlichen Steuergeräte, für Fahrzeuge mit Hybrid Antrieb	2294
1.4 Steuergerät für Multifunktionslenkrad -J453-	2295-2296
1.4.1 Einbauort (nur für Fahrzeuge mit Linkslenker)	2295
1.4.2 Einbauort (nur für Fahrzeuge mit Rechtslenker)	2296
1.5 Steuergerät für Lenksäulenelektronik -J527-	2297-2303
1.5.1 Steckerbelegung (ohne beheiztem Lenkrad)	2297-2300
1.5.2 Steckerbelegung (mit beheiztem Lenkrad)	2301-2303
1.6 Steuergerät für elektrische Lenkhilfenunterstützung -J364-	2304-2306
1.6.1 Einbauort (nur für Fahrzeuge mit Linkslenker)	2304-2305
1.6.2 Einbauort (nur für Fahrzeuge mit Rechtslenker)	2306
1.7 Interface für Zugang und Startsystem -J965-	2307-2308
1.7.1 Einbauort (nur für Fahrzeuge mit Linkslenker)	2307
1.7.2 Einbauort (nur für Fahrzeuge mit Rechtslenker)	2308
1.8 Bordnetzsteuergerät -J519-	2309-2316
1.8.1 Einbauort (nur für Fahrzeuge mit Linkslenker)	2309
1.8.2 Einbauort (nur für Fahrzeuge mit Rechtslenker)	2310
1.8.3 Steckerbelegung, ab Juli 2019	2311-2316
1.9 Steuergerät für Einparkhilfe -J446- / Steuergerät für Parklenkassistent -J791-	2317-2318
1.9.1 Einbauort (nur für Fahrzeuge mit Linkslenker)	2317
1.9.2 Einbauort (nur für Fahrzeuge mit Rechtslenker)	2318
1.10 Steuergerät im Schalttafeleinsatz -J285- / Steuergerät für Wegfahrsicherung -J362-	2319-2320
1.10.1 Steckerbelegung (nur für Fahrzeuge mit Linkslenker)	2319
1.10.2 Steckerbelegung (nur für Fahrzeuge mit Rechtslenker)	2320
1.11 Diagnose-Interface für Datenbus -J533-	2321-2323
1.11.1 Einbauort (nur für Fahrzeuge mit Linkslenker)	2321
1.11.2 Einbauort (nur für Fahrzeuge mit Rechtslenker)	2322-2323
1.12 Steuergerät für Kurvenlicht und Leuchtweitenregelung -J745-	2324-2325
1.12.1 Einbauort (nur für Fahrzeuge mit Linkslenker)	2324
1.12.2 Einbauort (nur für Fahrzeuge mit Rechtslenker)	2325
1.13 Steuergerät für ABS -J104-	2326-2327
1.13.1 Einbauort (nur für Fahrzeuge mit Linkslenker)	2326
1.13.2 Einbauort (nur für Fahrzeuge mit Rechtslenker)	2327
1.14 Steuergerät für Airbag -J234-	2328
1.14.1 Einbauort	2328
1.15 Steuergerät für Notrufmodul und Kommunikationseinheit -J949-	2329
1.15.1 Einbauort (nur für Fahrzeuge mit Linkslenker)	2329
1.16 Steuergerät für Batterieüberwachung -J367-	2330-2332
1.16.1 Einbauort (nur für Fahrzeuge mit Batterie im Motorraum)	2330-2331
1.16.2 Einbauort (nur Fahrzeuge mit Batterie hinten)	2332
1.17 Steuergerät für Waschanlage -J400-	2333-2334
1.17.1 Einbauort (nur für Fahrzeuge mit Linkslenker)	2333
1.17.2 Einbauort (nur für Fahrzeuge mit Rechtslenker)	2334
1.18 Steuergerät für Lenkhilfe -J500-	2335-2336
1.18.1 Einbauort (nur für Fahrzeuge mit Linkslenker)	2335
1.18.2 Einbauort (nur für Fahrzeuge mit Rechtslenker)	2336
1.19 Steuergerät für Elektrische Zylinder 1 -G879-	2337
1.19.1 Einbauort	2337
1.20 Steuergerät für Zusatzheizung -J364-	2338-2339
1.20.1 Einbauort	2339
1.21 Motorsteuergerät -J623-	2340-2341
1.21.1 Einbauort	2340-2341
1.22 Mechatronik für Doppelkupplungsgetriebe -J743-	2342-2344
1.22.1 Einbauort	2342
1.22.2 Einbauort	2343
1.22.3 Einbauort	2344
1.23 Steuergerät für NOx-Geber -J583-	2345
1.23.1 Einbauort	2345
1.24 Steuergerät für NOx-Geber 2 -J881-	2346
1.24.1 Einbauort	2346
1.25 Steuergerät für Abstandsregelung -J428-	2347-2348
1.25.1 Einbauort	2348
1.26 Steuergerät für Klimaanlage -J301-	2349
1.26.1 Steckerbelegung	2349
1.27 Steuergerät für Climatronic -J255-	2350
1.27.1 Steckerbelegung	2350
1.28 Frontkamera für Fahrerassistenzsysteme -R242-	2351
1.28.1 Einbauort	2351
1.29 Steuergerät für Bremskraftverstärkung -J539-	2352-2353
1.29.1 Einbauort	2353
1.30 Klimakompressor -VX81-	2354
1.30.1 Einbauort	2354
1.31 Drehstrommotor -VX54-	2355
1.31.1 Einbauort	2355
1.32 Hochvoltheizung (PTC) -ZX17-	2356-2357
1.32.1 Einbauort	2357
1.33 Leistungs- und Steuerelektronik für Elektroantrieb -JX1-	2358
1.33.1 Einbauort	2358
1.34 Ladegerät 1 für Hochvoltbatterie -AX4-	2359-2360
1.34.1 Einbauort	2359-2360
805 - -Einbaurorte- Steuergeräte im hinteren Teil des Fahrzeugs - 3	2361-2416
1. Steuergeräte im hinteren Teil des Fahrzeugs	2361-2416
1.1 Übersicht der Steuergeräte (nur für Fahrzeuge mit Linkslenker)	2361-2362
1.2 Übersicht der Steuergeräte (nur für Fahrzeuge mit Rechtslenker)	2363-2364
1.3 Übersicht der Steuergeräte (nur für Fahrzeuge mit Hybrid Antrieb	2365
1.4 Steuergerät 2 für Türelektronikeinheit -J995-	2366
1.4.1 Einbauort	2366
1.5 Steuergerät für Anhängererkennung -J345-	2367-2368
1.5.1 Einbauort	2368
1.6 Steuergerät für Heckklappe -J605-	2369
1.6.1 Einbauort	2369
1.7 2-Wege-Signalverstärker für Mobilfunk -J984-	2370
1.7.1 Einbauort	2370
1.8 Steuergerät für NOx-Geber 2 -J881-/Steuergerät für NOx-Geber 3 -J1183-	2371-2372
1.8.1 Einbauort	2372
1.9 Türsteuergerät hinten links -J388-	2373
1.9.1 Einbauort	2373
1.10 Fernbetriebsmodul hinten links -V38-	2374-2375
1.10.1 Einbauort	2374-2375
1.11 Steuergerät für Fahrwerksverstellung -J810-	2376-2378
1.11.1 Einbauort (nur für Fahrzeuge mit Linkslenker)	2377
1.11.2 Einbauort (nur für Fahrzeuge mit Rechtslenker)	2378
1.12 Steuergerät für Beifahrersitzverstellung -J720-	2379-2380
1.12.1 Einbauort (nur für Fahrzeuge mit Linkslenker)	2379
